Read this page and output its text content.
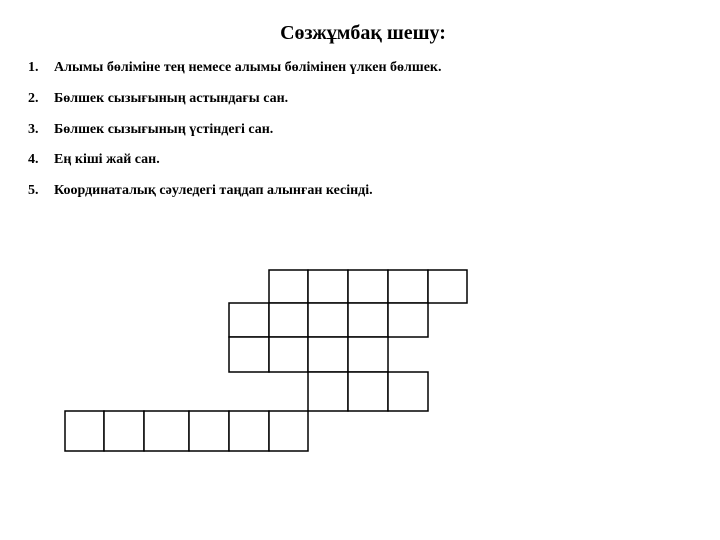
Сөзжұмбақ шешу:
1. Алымы бөліміне тең немесе алымы бөлімінен үлкен бөлшек.
2. Бөлшек сызығының астындағы сан.
3. Бөлшек сызығының үстіндегі сан.
4. Ең кіші жай сан.
5. Координаталық сәуледегі таңдап алынған кесінді.
